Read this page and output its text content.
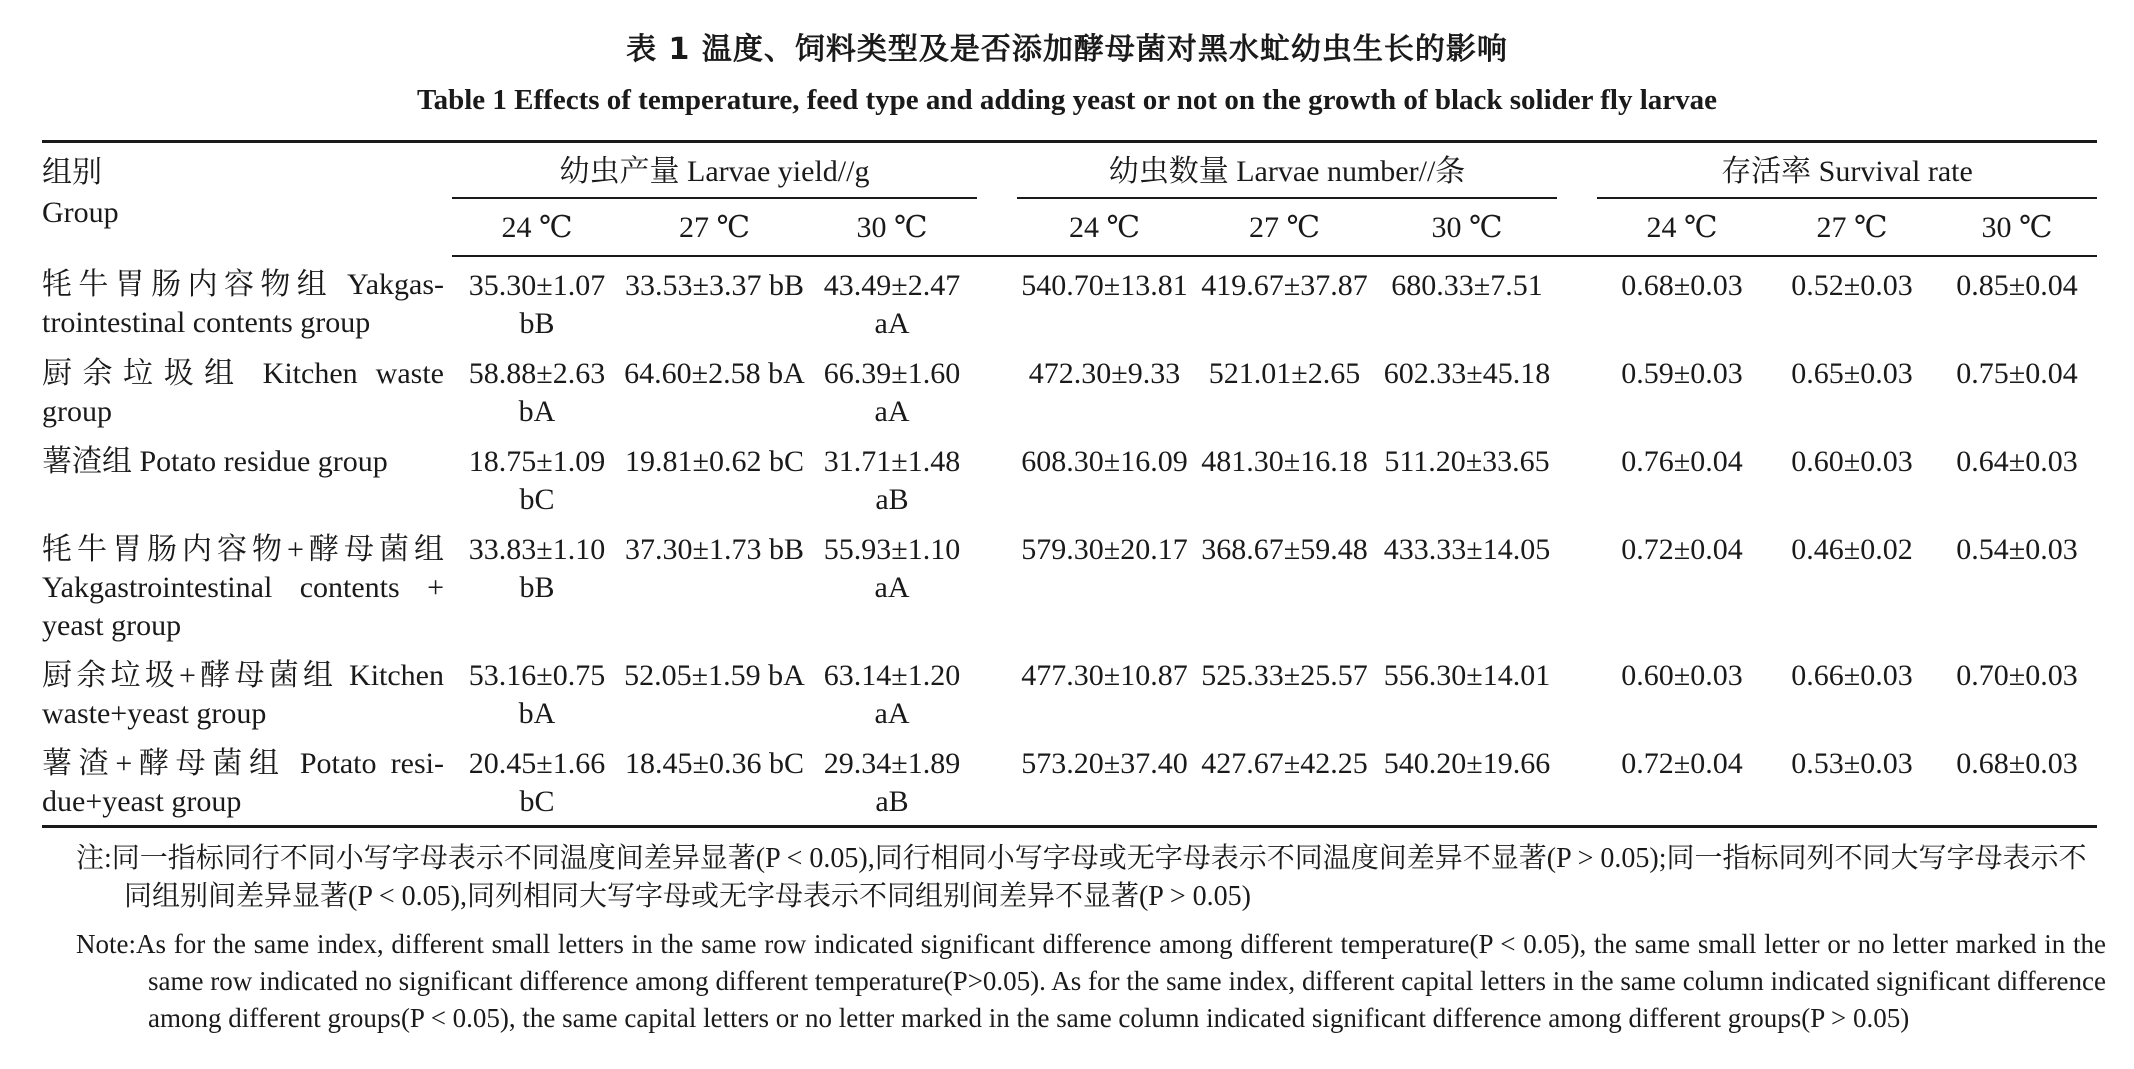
表 1 温度、饲料类型及是否添加酵母菌对黑水虻幼虫生长的影响
Table 1 Effects of temperature, feed type and adding yeast or not on the growth of black solider fly larvae
组别
Group	幼虫产量 Larvae yield//g				幼虫数量 Larvae number//条				存活率 Survival rate		

	24 ℃	27 ℃	30 ℃		24 ℃	27 ℃	30 ℃		24 ℃	27 ℃	30 ℃
牦牛胃肠内容物组 Yakgas-trointestinal contents group	35.30±1.07 bB	33.53±3.37 bB	43.49±2.47 aA		540.70±13.81	419.67±37.87	680.33±7.51		0.68±0.03	0.52±0.03	0.85±0.04
厨余垃圾组 Kitchen waste group	58.88±2.63 bA	64.60±2.58 bA	66.39±1.60 aA		472.30±9.33	521.01±2.65	602.33±45.18		0.59±0.03	0.65±0.03	0.75±0.04
薯渣组 Potato residue group	18.75±1.09 bC	19.81±0.62 bC	31.71±1.48 aB		608.30±16.09	481.30±16.18	511.20±33.65		0.76±0.04	0.60±0.03	0.64±0.03
牦牛胃肠内容物+酵母菌组 Yakgastrointestinal contents + yeast group	33.83±1.10 bB	37.30±1.73 bB	55.93±1.10 aA		579.30±20.17	368.67±59.48	433.33±14.05		0.72±0.04	0.46±0.02	0.54±0.03
厨余垃圾+酵母菌组 Kitchen waste+yeast group	53.16±0.75 bA	52.05±1.59 bA	63.14±1.20 aA		477.30±10.87	525.33±25.57	556.30±14.01		0.60±0.03	0.66±0.03	0.70±0.03
薯渣+酵母菌组 Potato resi-due+yeast group	20.45±1.66 bC	18.45±0.36 bC	29.34±1.89 aB		573.20±37.40	427.67±42.25	540.20±19.66		0.72±0.04	0.53±0.03	0.68±0.03
注:同一指标同行不同小写字母表示不同温度间差异显著(P < 0.05),同行相同小写字母或无字母表示不同温度间差异不显著(P > 0.05);同一指标同列不同大写字母表示不同组别间差异显著(P < 0.05),同列相同大写字母或无字母表示不同组别间差异不显著(P > 0.05)
Note:As for the same index, different small letters in the same row indicated significant difference among different temperature(P < 0.05), the same small letter or no letter marked in the same row indicated no significant difference among different temperature(P>0.05). As for the same index, different capital letters in the same column indicated significant difference among different groups(P < 0.05), the same capital letters or no letter marked in the same column indicated significant difference among different groups(P > 0.05)
